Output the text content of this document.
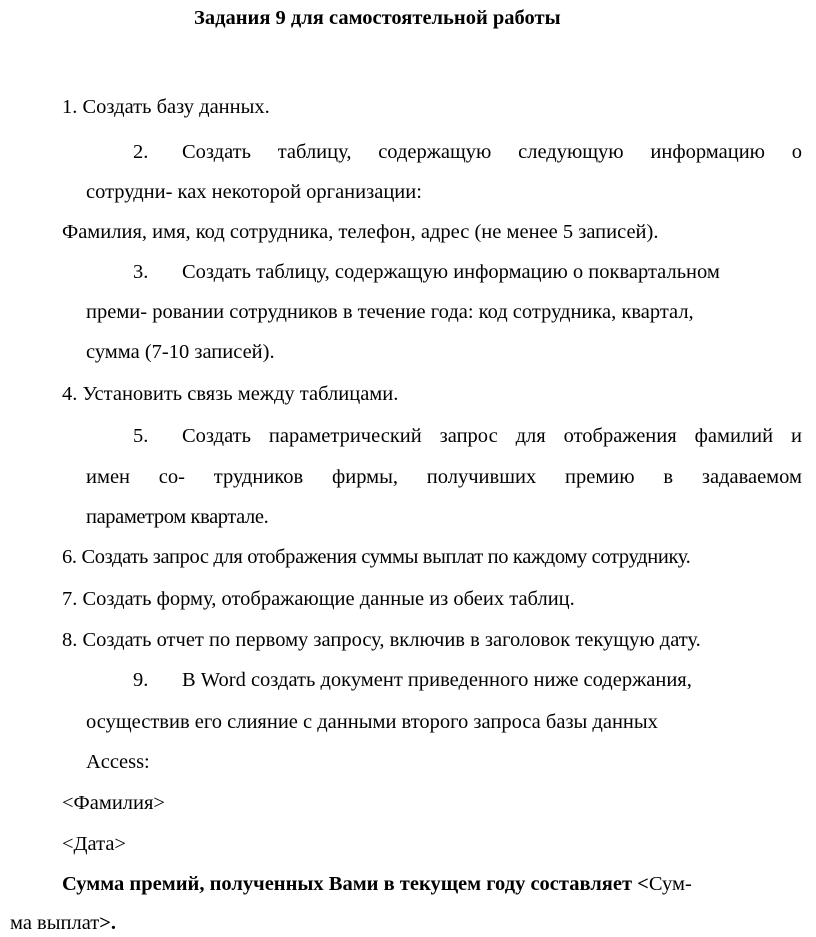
Задания 9 для самостоятельной работы
1. Создать базу данных.
2. Создать таблицу, содержащую следующую информацию о
сотрудни- ках некоторой организации:
Фамилия, имя, код сотрудника, телефон, адрес (не менее 5 записей).
3. Создать таблицу, содержащую информацию о поквартальном
преми- ровании сотрудников в течение года: код сотрудника, квартал,
сумма (7-10 записей).
4. Установить связь между таблицами.
5. Создать параметрический запрос для отображения фамилий и
имен со- трудников фирмы, получивших премию в задаваемом
параметром квартале.
6. Создать запрос для отображения суммы выплат по каждому сотруднику.
7. Создать форму, отображающие данные из обеих таблиц.
8. Создать отчет по первому запросу, включив в заголовок текущую дату.
9. В Word создать документ приведенного ниже содержания,
осуществив его слияние с данными второго запроса базы данных
Access:
<Фамилия>
<Дата>
Сумма премий, полученных Вами в текущем году составляет <Сум-
ма выплат>.
